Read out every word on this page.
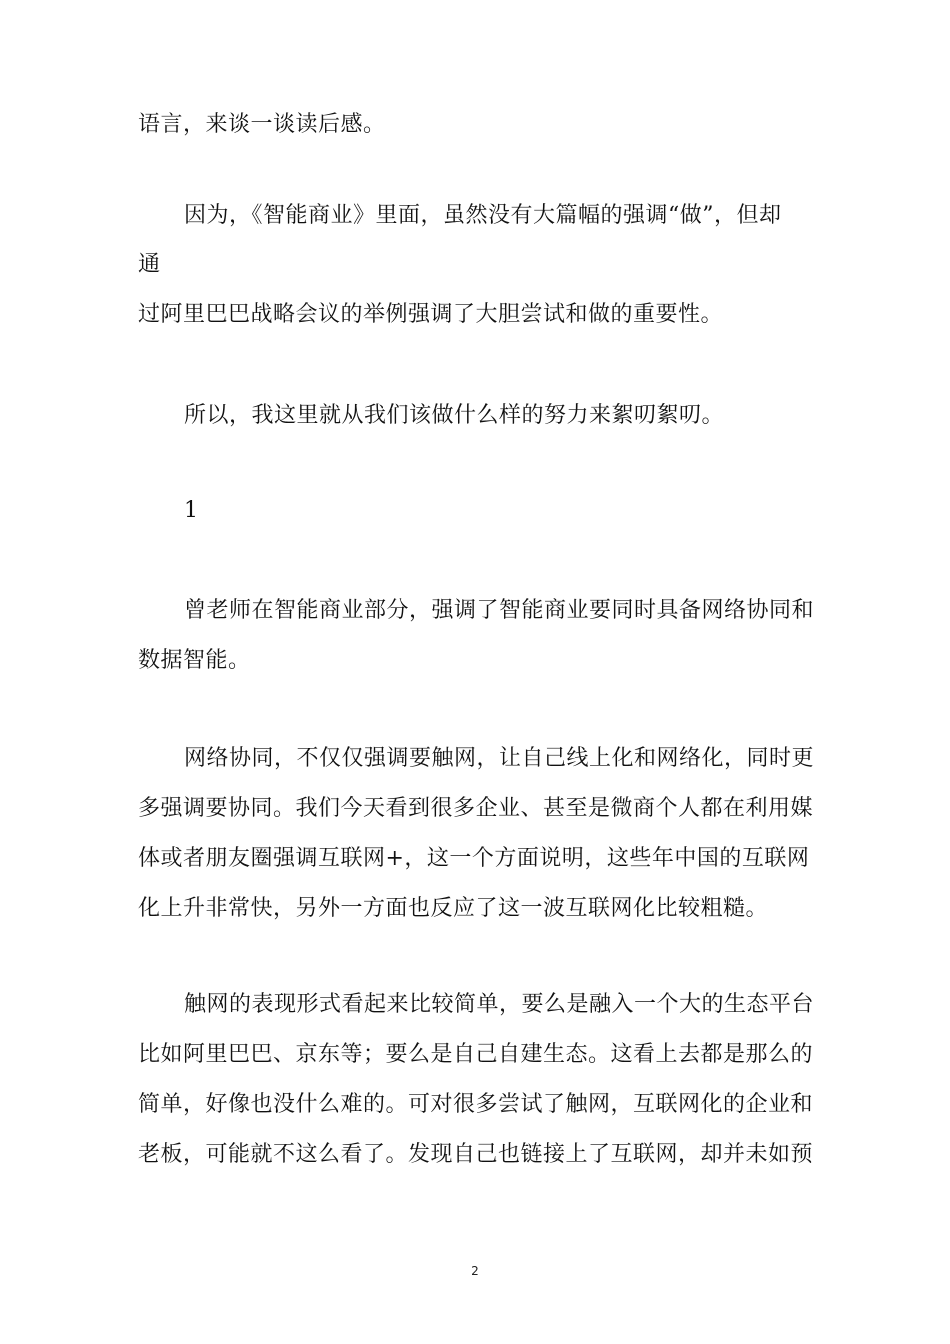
语言，来谈一谈读后感。
因为，《智能商业》里面，虽然没有大篇幅的强调“做”，但却
通
过阿里巴巴战略会议的举例强调了大胆尝试和做的重要性。
所以，我这里就从我们该做什么样的努力来絮叨絮叨。
1
曾老师在智能商业部分，强调了智能商业要同时具备网络协同和
数据智能。
网络协同，不仅仅强调要触网，让自己线上化和网络化，同时更
多强调要协同。我们今天看到很多企业、甚至是微商个人都在利用媒
体或者朋友圈强调互联网+，这一个方面说明，这些年中国的互联网
化上升非常快，另外一方面也反应了这一波互联网化比较粗糙。
触网的表现形式看起来比较简单，要么是融入一个大的生态平台
比如阿里巴巴、京东等；要么是自己自建生态。这看上去都是那么的
简单，好像也没什么难的。可对很多尝试了触网，互联网化的企业和
老板，可能就不这么看了。发现自己也链接上了互联网，却并未如预
2
